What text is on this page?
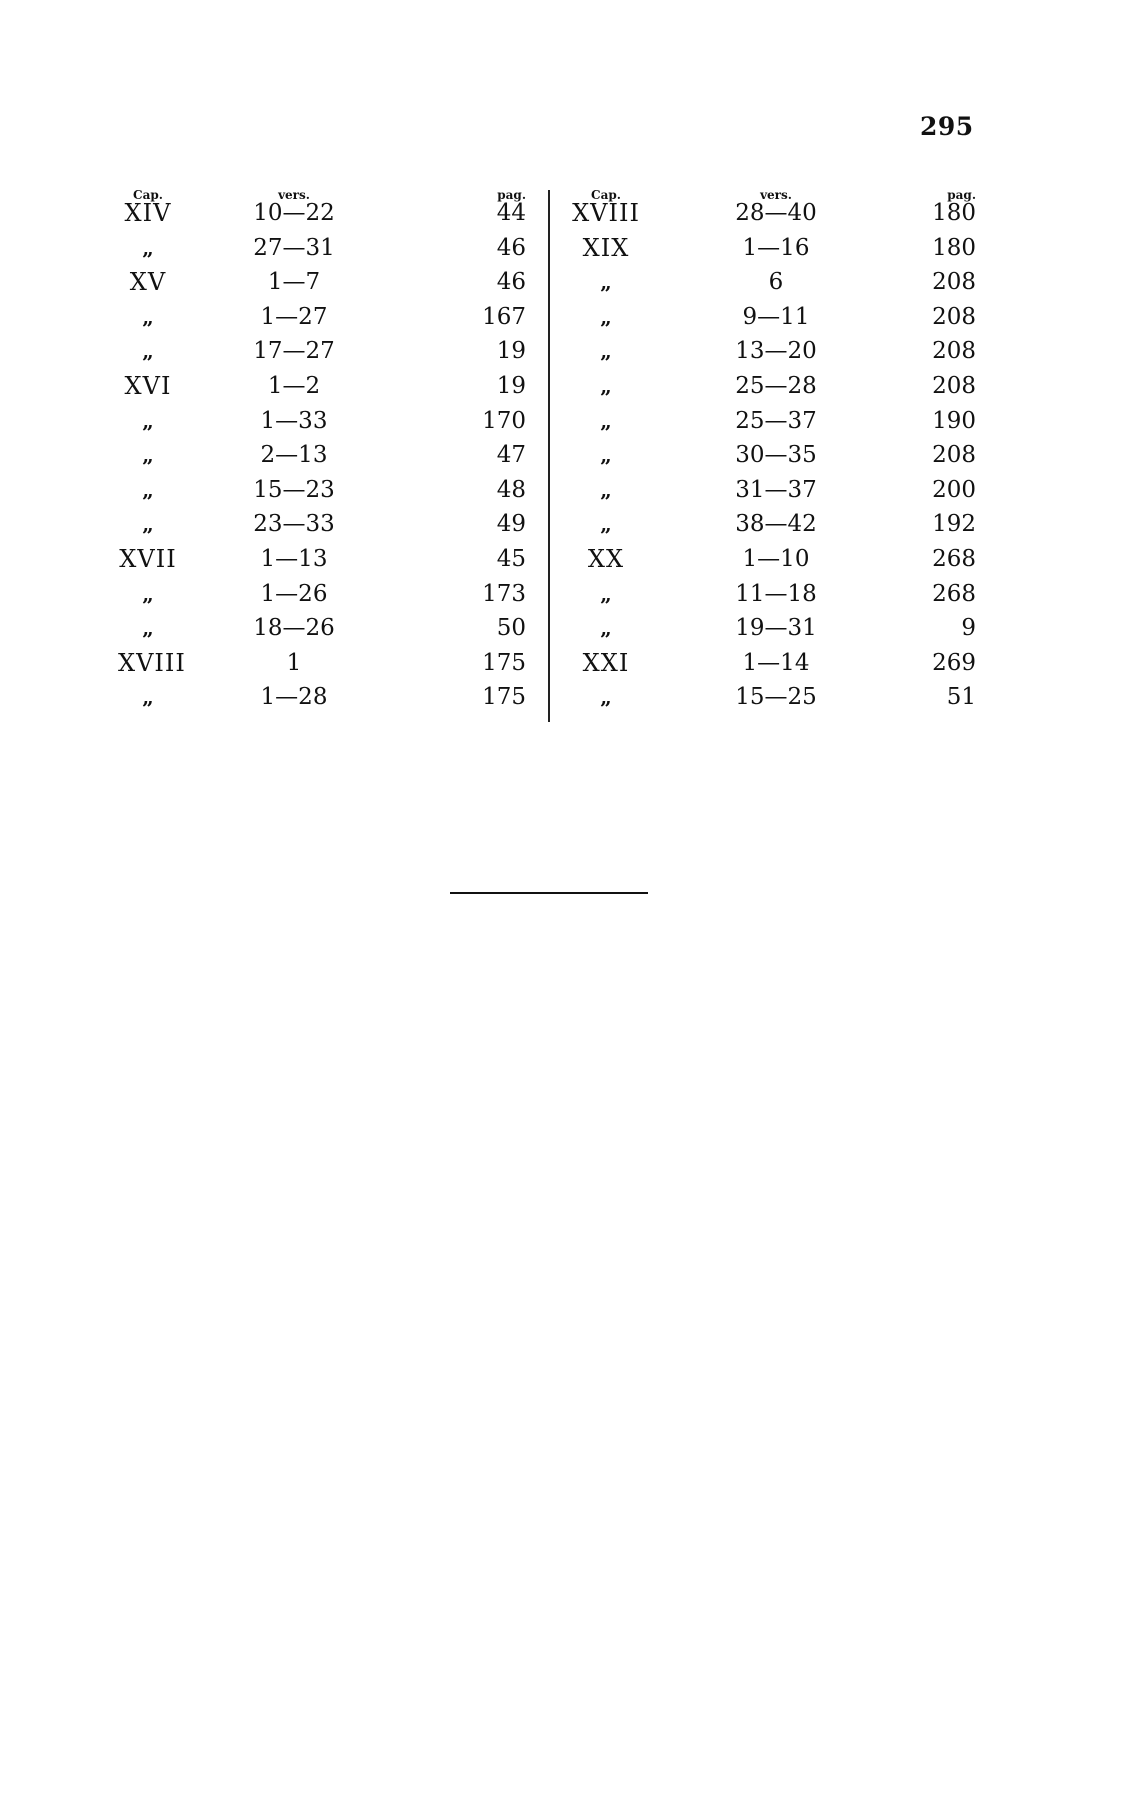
295
Cap.	vers.	pag.
XIV	10—22	44
„	27—31	46
XV	1—7	46
„	1—27	167
„	17—27	19
XVI	1—2	19
„	1—33	170
„	2—13	47
„	15—23	48
„	23—33	49
XVII	1—13	45
„	1—26	173
„	18—26	50
XVIII	1	175
„	1—28	175
Cap.	vers.	pag.
XVIII	28—40	180
XIX	1—16	180
„	6	208
„	9—11	208
„	13—20	208
„	25—28	208
„	25—37	190
„	30—35	208
„	31—37	200
„	38—42	192
XX	1—10	268
„	11—18	268
„	19—31	9
XXI	1—14	269
„	15—25	51
